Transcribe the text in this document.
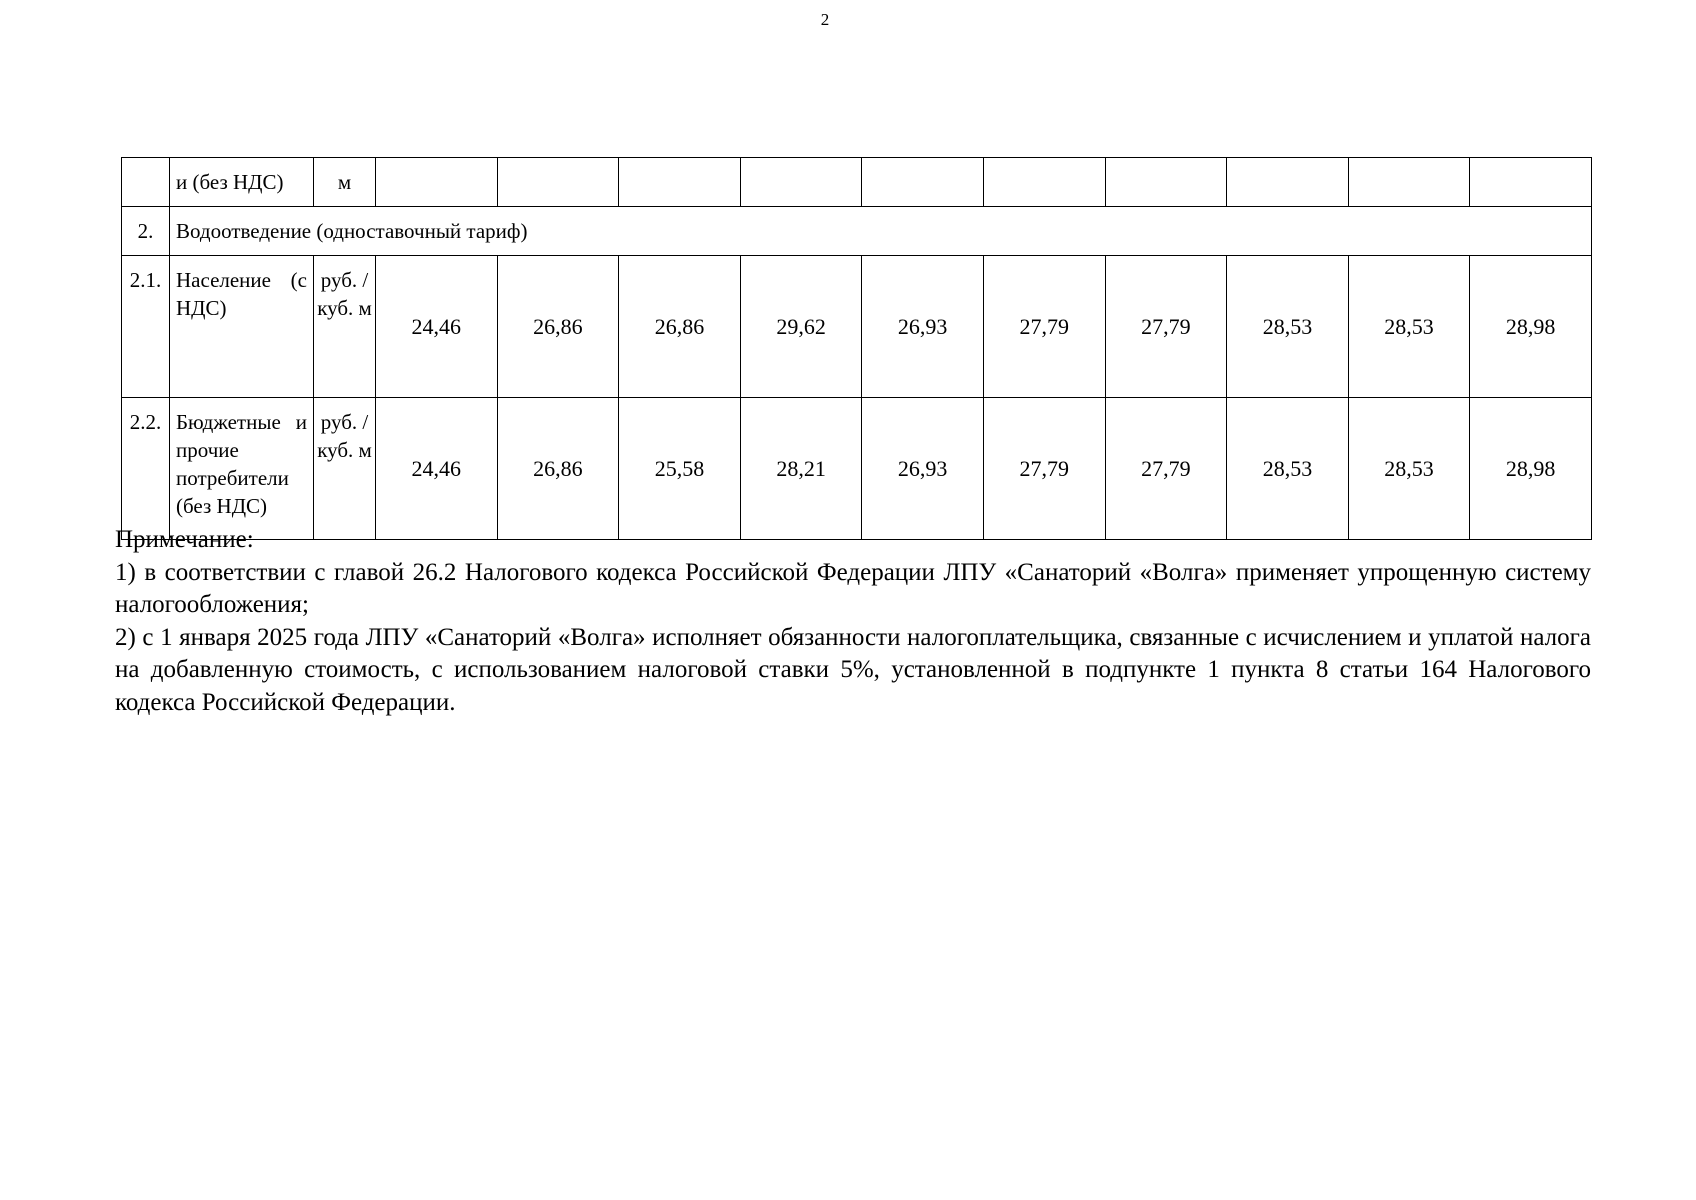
2
	и (без НДС)	м										
2.	Водоотведение (одноставочный тариф)											
2.1.	Население (с НДС)	руб. / куб. м	24,46	26,86	26,86	29,62	26,93	27,79	27,79	28,53	28,53	28,98
2.2.	Бюджетные и прочие потребители (без НДС)	руб. / куб. м	24,46	26,86	25,58	28,21	26,93	27,79	27,79	28,53	28,53	28,98

Примечание:

1) в соответствии с главой 26.2 Налогового кодекса Российской Федерации ЛПУ «Санаторий «Волга» применяет упрощенную систему налогообложения;

2) с 1 января 2025 года ЛПУ «Санаторий «Волга» исполняет обязанности налогоплательщика, связанные с исчислением и уплатой налога на добавленную стоимость, с использованием налоговой ставки 5%, установленной в подпункте 1 пункта 8 статьи 164 Налогового кодекса Российской Федерации.
